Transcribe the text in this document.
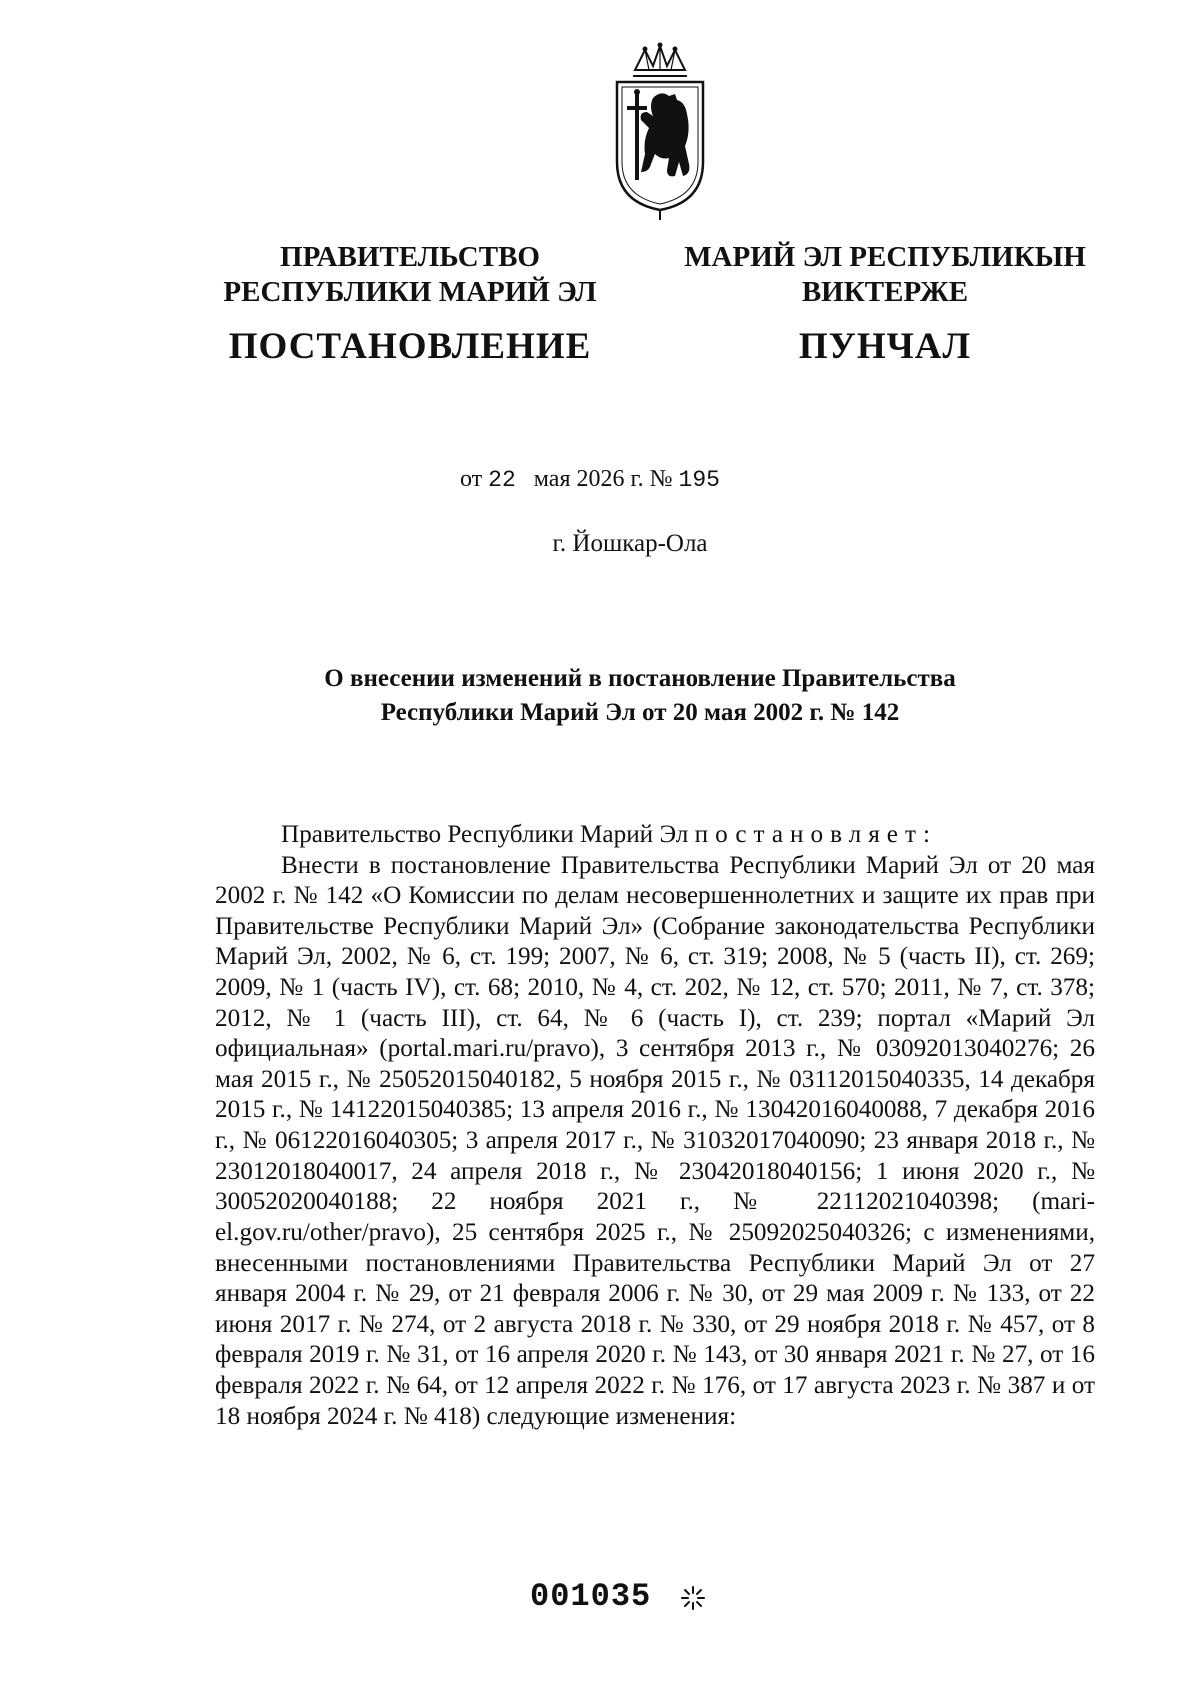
ПРАВИТЕЛЬСТВО
РЕСПУБЛИКИ МАРИЙ ЭЛ
МАРИЙ ЭЛ РЕСПУБЛИКЫН
ВИКТЕРЖЕ
ПОСТАНОВЛЕНИЕ	ПУНЧАЛ
от 22 мая 2026 г. № 195
г. Йошкар-Ола
О внесении изменений в постановление Правительства
Республики Марий Эл от 20 мая 2002 г. № 142

Правительство Республики Марий Эл постановляет:

Внести в постановление Правительства Республики Марий Эл от 20 мая 2002 г. № 142 «О Комиссии по делам несовершеннолетних и защите их прав при Правительстве Республики Марий Эл» (Собрание законодательства Республики Марий Эл, 2002, № 6, ст. 199; 2007, № 6, ст. 319; 2008, № 5 (часть II), ст. 269; 2009, № 1 (часть IV), ст. 68; 2010, № 4, ст. 202, № 12, ст. 570; 2011, № 7, ст. 378; 2012, № 1 (часть III), ст. 64, № 6 (часть I), ст. 239; портал «Марий Эл официальная» (portal.mari.ru/pravo), 3 сентября 2013 г., № 03092013040276; 26 мая 2015 г., № 25052015040182, 5 ноября 2015 г., № 03112015040335, 14 декабря 2015 г., № 14122015040385; 13 апреля 2016 г., № 13042016040088, 7 декабря 2016 г., № 06122016040305; 3 апреля 2017 г., № 31032017040090; 23 января 2018 г., № 23012018040017, 24 апреля 2018 г., № 23042018040156; 1 июня 2020 г., № 30052020040188; 22 ноября 2021 г., № 22112021040398; (mari-el.gov.ru/other/pravo), 25 сентября 2025 г., № 25092025040326; с изменениями, внесенными постановлениями Правительства Республики Марий Эл от 27 января 2004 г. № 29, от 21 февраля 2006 г. № 30, от 29 мая 2009 г. № 133, от 22 июня 2017 г. № 274, от 2 августа 2018 г. № 330, от 29 ноября 2018 г. № 457, от 8 февраля 2019 г. № 31, от 16 апреля 2020 г. № 143, от 30 января 2021 г. № 27, от 16 февраля 2022 г. № 64, от 12 апреля 2022 г. № 176, от 17 августа 2023 г. № 387 и от 18 ноября 2024 г. № 418) следующие изменения:

001035
